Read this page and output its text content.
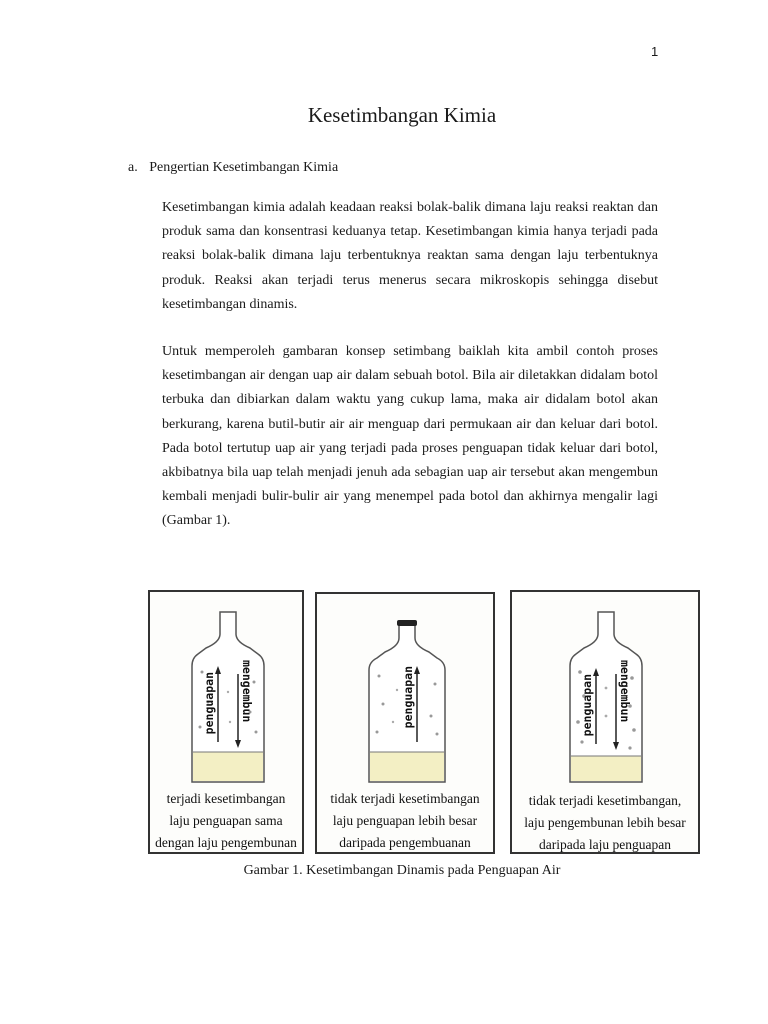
1
Kesetimbangan Kimia
a. Pengertian Kesetimbangan Kimia

Kesetimbangan kimia adalah keadaan reaksi bolak-balik dimana laju reaksi reaktan dan produk sama dan konsentrasi keduanya tetap. Kesetimbangan kimia hanya terjadi pada reaksi bolak-balik dimana laju terbentuknya reaktan sama dengan laju terbentuknya produk. Reaksi akan terjadi terus menerus secara mikroskopis sehingga disebut kesetimbangan dinamis.

Untuk memperoleh gambaran konsep setimbang baiklah kita ambil contoh proses kesetimbangan air dengan uap air dalam sebuah botol. Bila air diletakkan didalam botol terbuka dan dibiarkan dalam waktu yang cukup lama, maka air didalam botol akan berkurang, karena butil-butir air air menguap dari permukaan air dan keluar dari botol. Pada botol tertutup uap air yang terjadi pada proses penguapan tidak keluar dari botol, akbibatnya bila uap telah menjadi jenuh ada sebagian uap air tersebut akan mengembun kembali menjadi bulir-bulir air yang menempel pada botol dan akhirnya mengalir lagi (Gambar 1).

penguapan mengembun
terjadi kesetimbangan
laju penguapan sama
dengan laju pengembunan
penguapan
tidak terjadi kesetimbangan
laju penguapan lebih besar
daripada pengembuanan
penguapan mengembun
tidak terjadi kesetimbangan,
laju pengembunan lebih besar
daripada laju penguapan
Gambar 1. Kesetimbangan Dinamis pada Penguapan Air
